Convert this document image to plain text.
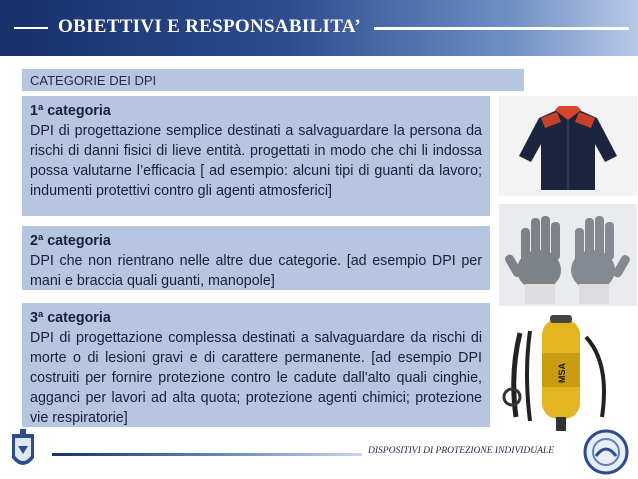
OBIETTIVI E RESPONSABILITA’
CATEGORIE DEI DPI
1ª categoria
DPI di progettazione semplice destinati a salvaguardare la persona da rischi di danni fisici di lieve entità. progettati in modo che chi li indossa possa valutarne l’efficacia [ ad esempio: alcuni tipi di guanti da lavoro; indumenti protettivi contro gli agenti atmosferici]
2ª categoria
DPI che non rientrano nelle altre due categorie. [ad esempio DPI per mani e braccia quali guanti, manopole]
3ª categoria
DPI di progettazione complessa destinati a salvaguardare da rischi di morte o di lesioni gravi e di carattere permanente. [ad esempio DPI costruiti per fornire protezione contro le cadute dall'alto quali cinghie, agganci per lavori ad alta quota; protezione agenti chimici; protezione vie respiratorie]
MSA
DISPOSITIVI DI PROTEZIONE INDIVIDUALE
